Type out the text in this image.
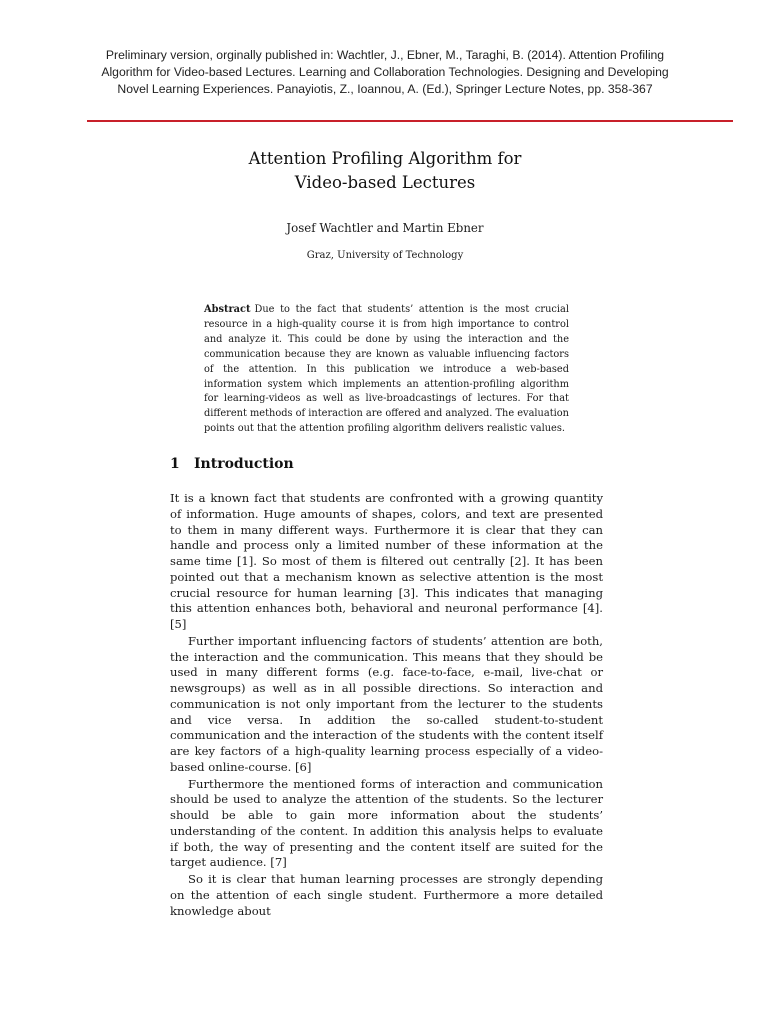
Preliminary version, orginally published in: Wachtler, J., Ebner, M., Taraghi, B. (2014). Attention Profiling Algorithm for Video-based Lectures. Learning and Collaboration Technologies. Designing and Developing Novel Learning Experiences. Panayiotis, Z., Ioannou, A. (Ed.), Springer Lecture Notes, pp. 358-367
Attention Profiling Algorithm for
Video-based Lectures
Josef Wachtler and Martin Ebner
Graz, University of Technology
Abstract Due to the fact that students’ attention is the most crucial resource in a high-quality course it is from high importance to control and analyze it. This could be done by using the interaction and the communication because they are known as valuable influencing factors of the attention. In this publication we introduce a web-based information system which implements an attention-profiling algorithm for learning-videos as well as live-broadcastings of lectures. For that different methods of interaction are offered and analyzed. The evaluation points out that the attention profiling algorithm delivers realistic values.
1 Introduction

It is a known fact that students are confronted with a growing quantity of information. Huge amounts of shapes, colors, and text are presented to them in many different ways. Furthermore it is clear that they can handle and process only a limited number of these information at the same time [1]. So most of them is filtered out centrally [2]. It has been pointed out that a mechanism known as selective attention is the most crucial resource for human learning [3]. This indicates that managing this attention enhances both, behavioral and neuronal performance [4]. [5]

Further important influencing factors of students’ attention are both, the interaction and the communication. This means that they should be used in many different forms (e.g. face-to-face, e-mail, live-chat or newsgroups) as well as in all possible directions. So interaction and communication is not only important from the lecturer to the students and vice versa. In addition the so-called student-to-student communication and the interaction of the students with the content itself are key factors of a high-quality learning process especially of a video-based online-course. [6]

Furthermore the mentioned forms of interaction and communication should be used to analyze the attention of the students. So the lecturer should be able to gain more information about the students’ understanding of the content. In addition this analysis helps to evaluate if both, the way of presenting and the content itself are suited for the target audience. [7]

So it is clear that human learning processes are strongly depending on the attention of each single student. Furthermore a more detailed knowledge about
